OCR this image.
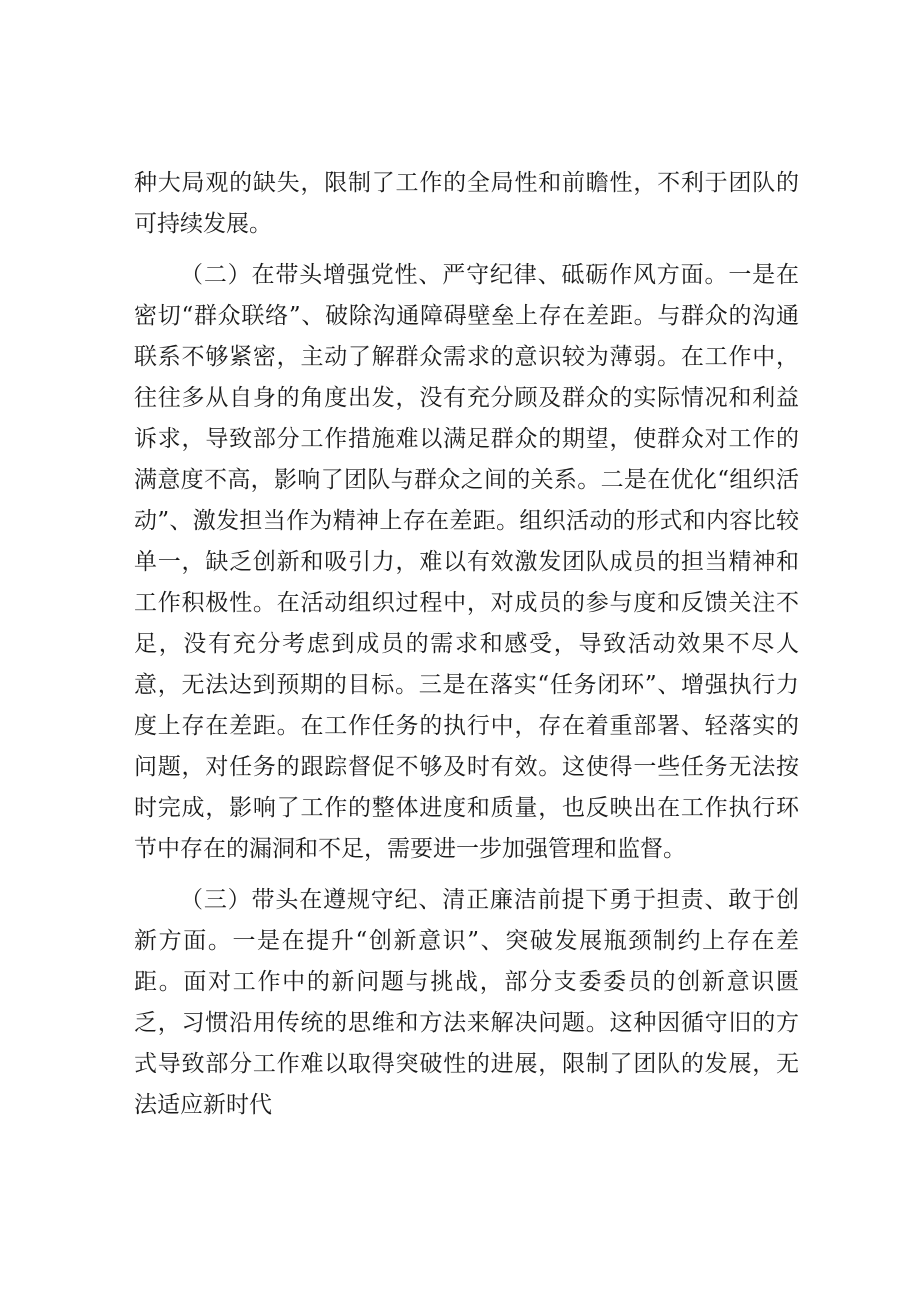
种大局观的缺失，限制了工作的全局性和前瞻性，不利于团队的可持续发展。

（二）在带头增强党性、严守纪律、砥砺作风方面。一是在密切“群众联络”、破除沟通障碍壁垒上存在差距。与群众的沟通联系不够紧密，主动了解群众需求的意识较为薄弱。在工作中，往往多从自身的角度出发，没有充分顾及群众的实际情况和利益诉求，导致部分工作措施难以满足群众的期望，使群众对工作的满意度不高，影响了团队与群众之间的关系。二是在优化“组织活动”、激发担当作为精神上存在差距。组织活动的形式和内容比较单一，缺乏创新和吸引力，难以有效激发团队成员的担当精神和工作积极性。在活动组织过程中，对成员的参与度和反馈关注不足，没有充分考虑到成员的需求和感受，导致活动效果不尽人意，无法达到预期的目标。三是在落实“任务闭环”、增强执行力度上存在差距。在工作任务的执行中，存在着重部署、轻落实的问题，对任务的跟踪督促不够及时有效。这使得一些任务无法按时完成，影响了工作的整体进度和质量，也反映出在工作执行环节中存在的漏洞和不足，需要进一步加强管理和监督。

（三）带头在遵规守纪、清正廉洁前提下勇于担责、敢于创新方面。一是在提升“创新意识”、突破发展瓶颈制约上存在差距。面对工作中的新问题与挑战，部分支委委员的创新意识匮乏，习惯沿用传统的思维和方法来解决问题。这种因循守旧的方式导致部分工作难以取得突破性的进展，限制了团队的发展，无法适应新时代
